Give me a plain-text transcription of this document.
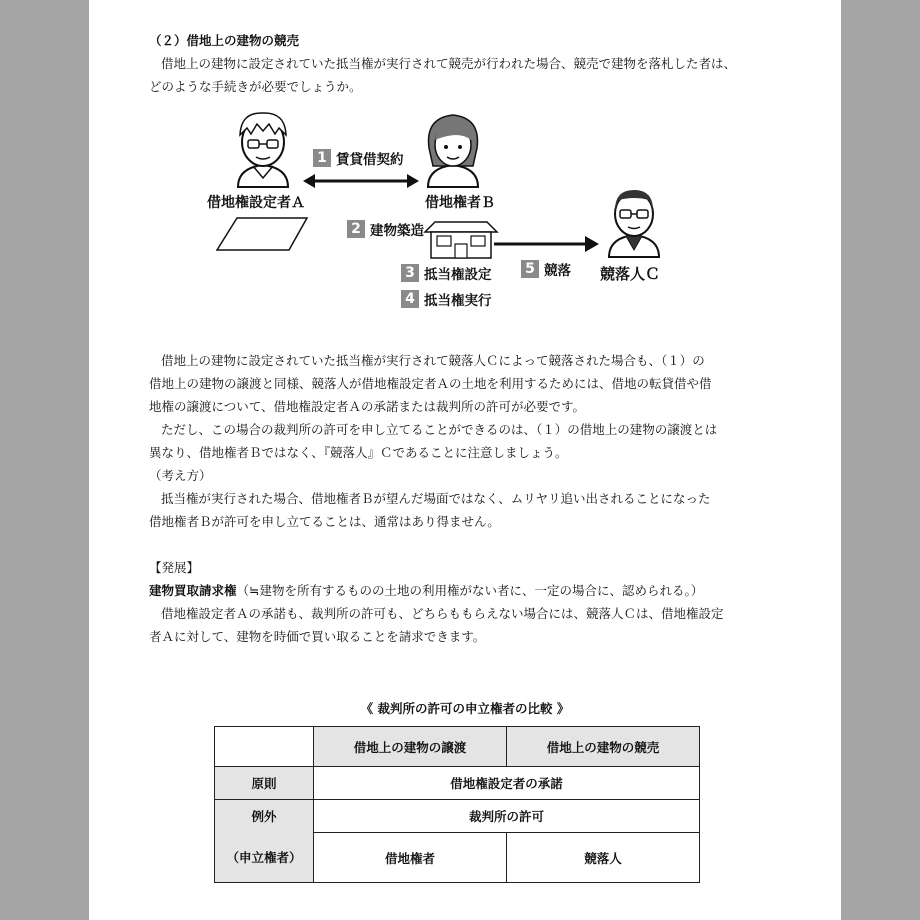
（２）借地上の建物の競売
借地上の建物に設定されていた抵当権が実行されて競売が行われた場合、競売で建物を落札した者は、
どのような手続きが必要でしょうか。
借地権設定者Ａ	借地権者Ｂ
競落人Ｃ
1 賃貸借契約
2 建物築造
3 抵当権設定
4 抵当権実行
5 競落
借地上の建物に設定されていた抵当権が実行されて競落人Ｃによって競落された場合も、（１）の
借地上の建物の譲渡と同様、競落人が借地権設定者Ａの土地を利用するためには、借地の転貸借や借
地権の譲渡について、借地権設定者Ａの承諾または裁判所の許可が必要です。
ただし、この場合の裁判所の許可を申し立てることができるのは、（１）の借地上の建物の譲渡とは
異なり、借地権者Ｂではなく、『競落人』Ｃであることに注意しましょう。
（考え方）
抵当権が実行された場合、借地権者Ｂが望んだ場面ではなく、ムリヤリ追い出されることになった
借地権者Ｂが許可を申し立てることは、通常はあり得ません。
【発展】
建物買取請求権（≒建物を所有するものの土地の利用権がない者に、一定の場合に、認められる。）
借地権設定者Ａの承諾も、裁判所の許可も、どちらももらえない場合には、競落人Ｃは、借地権設定
者Ａに対して、建物を時価で買い取ることを請求できます。
《 裁判所の許可の申立権者の比較 》
	借地上の建物の譲渡	借地上の建物の競売
原則	借地権設定者の承諾	
例外	裁判所の許可	
（申立権者）	借地権者	競落人
